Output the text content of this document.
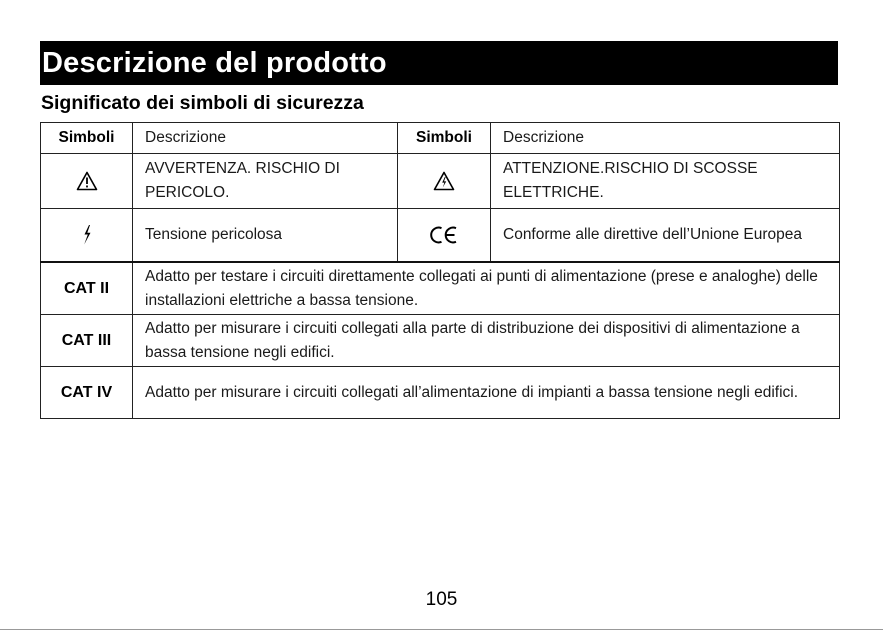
Descrizione del prodotto
Significato dei simboli di sicurezza
Simboli	Descrizione	Simboli	Descrizione
	AVVERTENZA. RISCHIO DI PERICOLO.		ATTENZIONE.RISCHIO DI SCOSSE ELETTRICHE.
	Tensione pericolosa		Conforme alle direttive dell’Unione Europea
CAT II	Adatto per testare i circuiti direttamente collegati ai punti di alimentazione (prese e analoghe) delle installazioni elettriche a bassa tensione.		
CAT III	Adatto per misurare i circuiti collegati alla parte di distribuzione dei dispositivi di alimentazione a bassa tensione negli edifici.		
CAT IV	Adatto per misurare i circuiti collegati all’alimentazione di impianti a bassa tensione negli edifici.		
105
